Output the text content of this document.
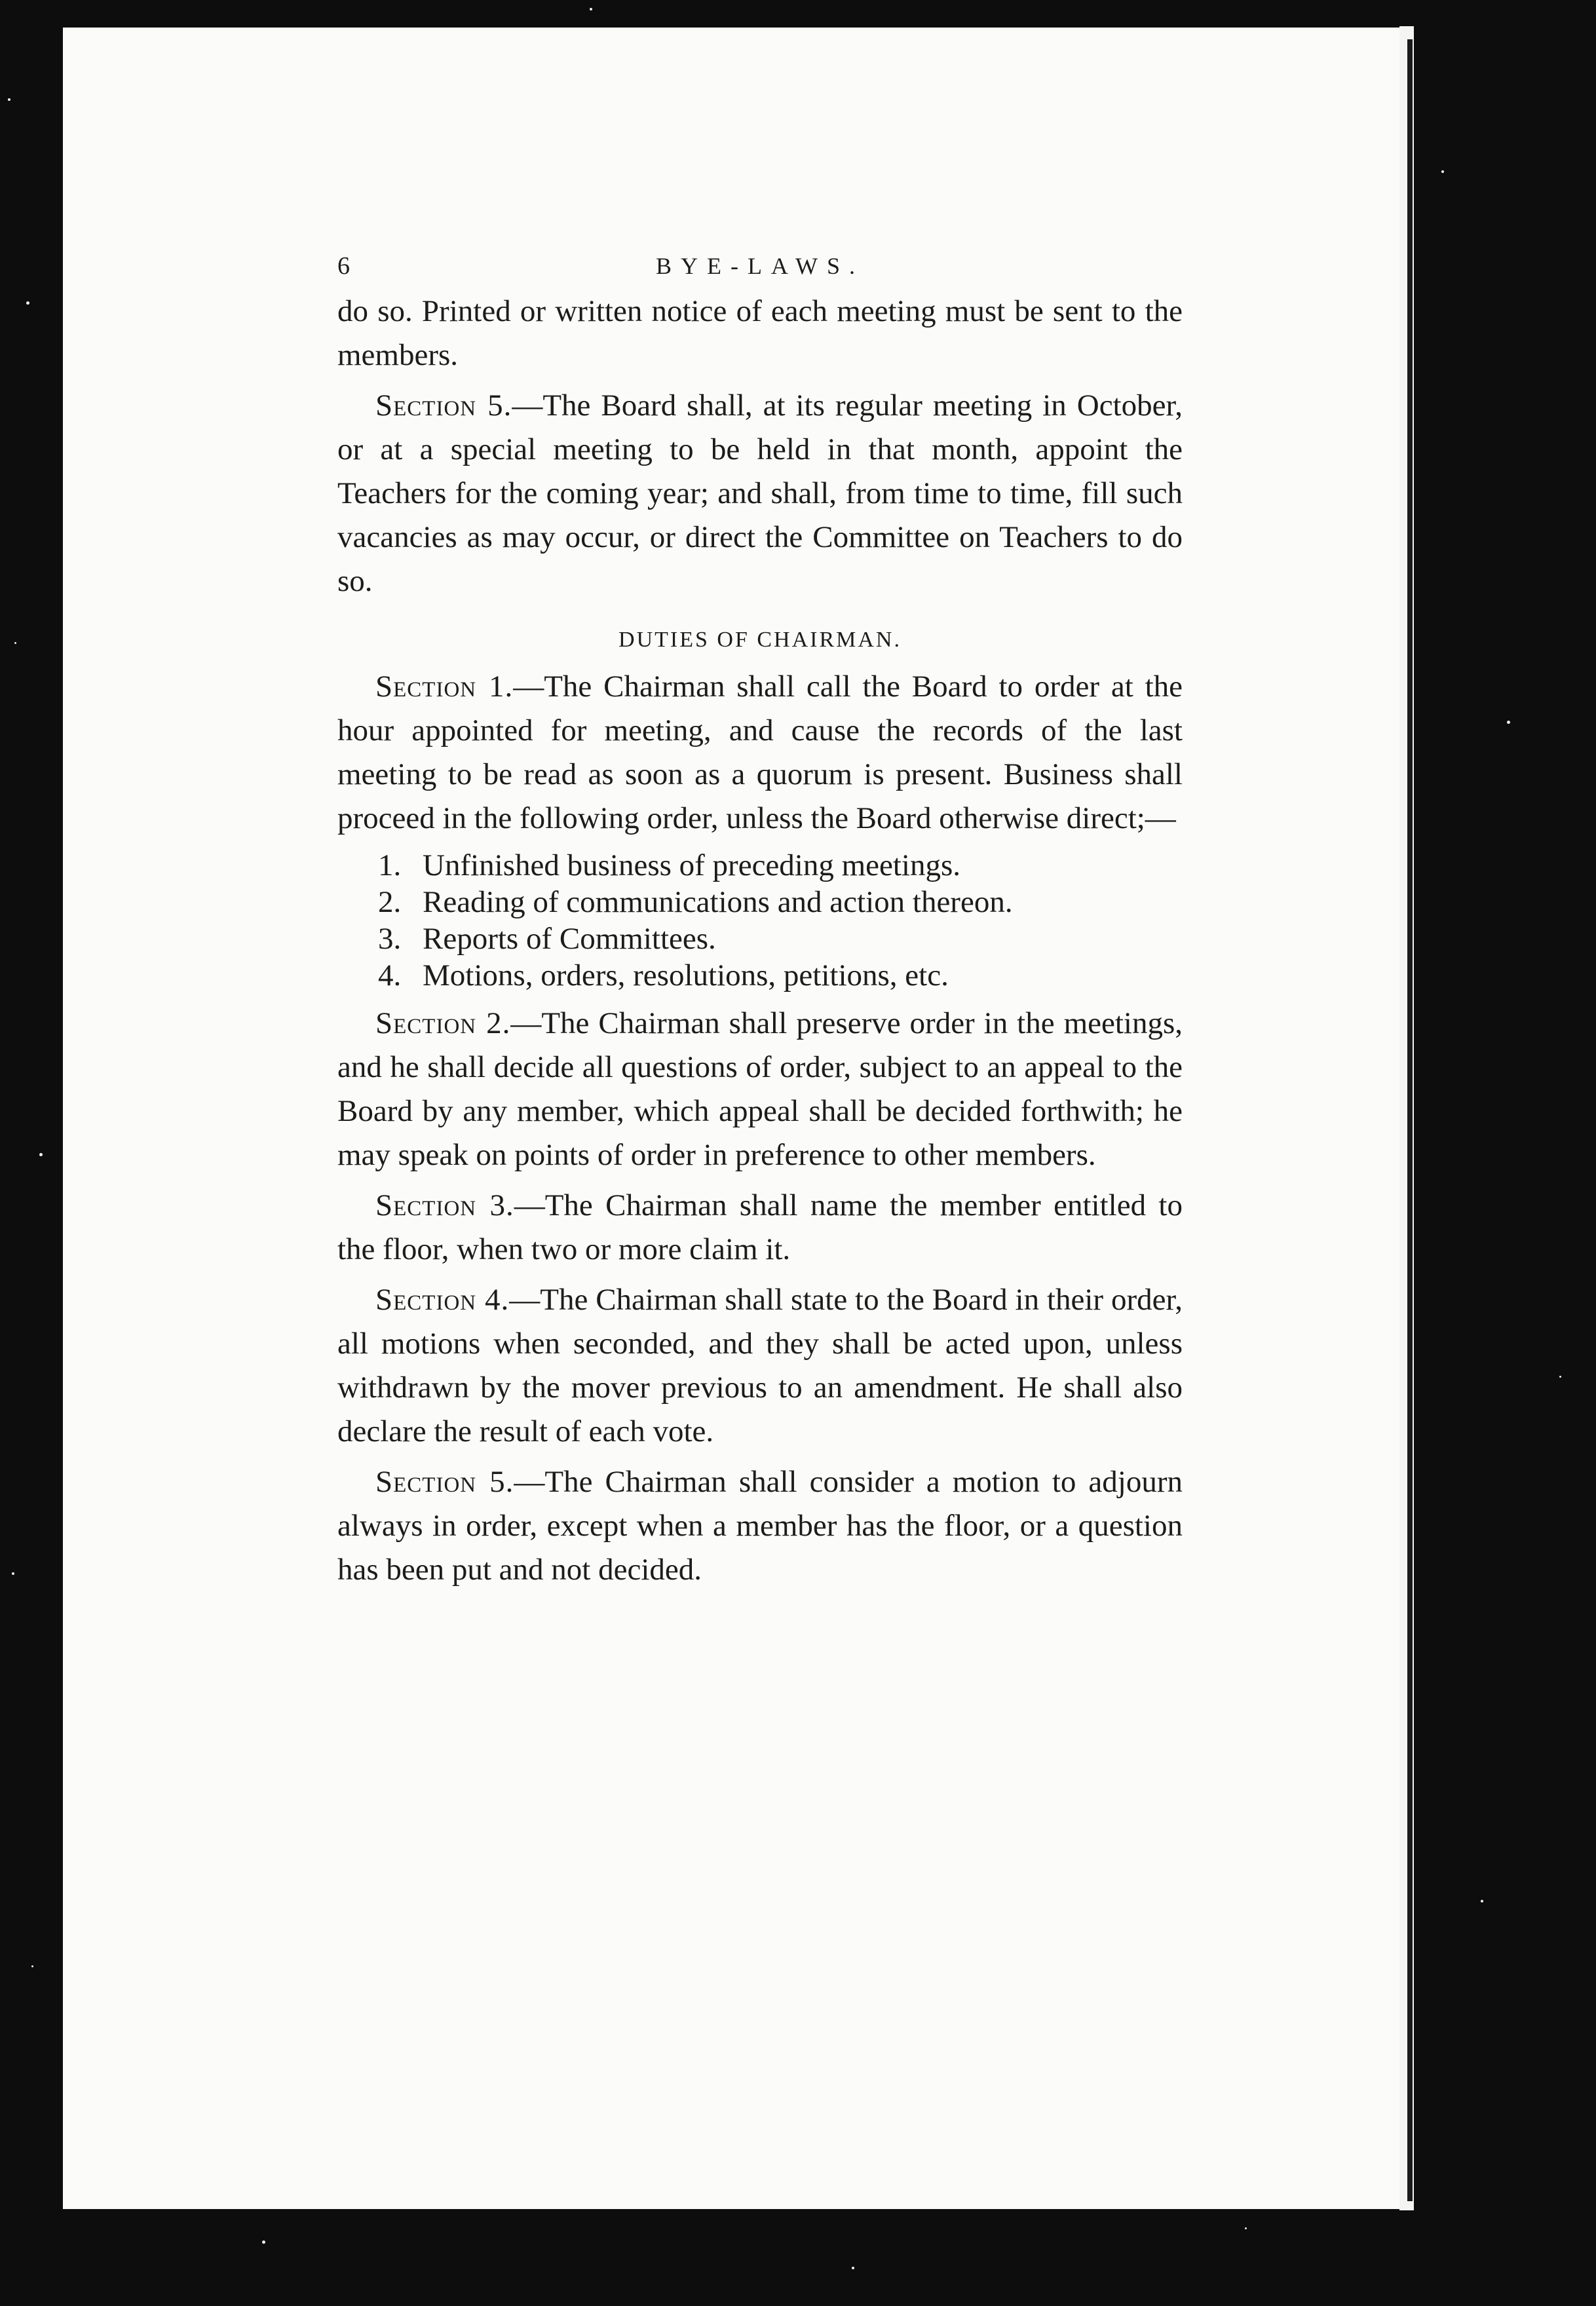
6	BYE-LAWS.

do so. Printed or written notice of each meeting must be sent to the members.

Section 5.—The Board shall, at its regular meeting in October, or at a special meeting to be held in that month, appoint the Teachers for the coming year; and shall, from time to time, fill such vacancies as may occur, or direct the Committee on Teachers to do so.

DUTIES OF CHAIRMAN.

Section 1.—The Chairman shall call the Board to order at the hour appointed for meeting, and cause the records of the last meeting to be read as soon as a quorum is present. Business shall proceed in the following order, unless the Board otherwise direct;—

1. Unfinished business of preceding meetings.
2. Reading of communications and action thereon.
3. Reports of Committees.
4. Motions, orders, resolutions, petitions, etc.

Section 2.—The Chairman shall preserve order in the meetings, and he shall decide all questions of order, subject to an appeal to the Board by any member, which appeal shall be decided forthwith; he may speak on points of order in preference to other members.

Section 3.—The Chairman shall name the member entitled to the floor, when two or more claim it.

Section 4.—The Chairman shall state to the Board in their order, all motions when seconded, and they shall be acted upon, unless withdrawn by the mover previous to an amendment. He shall also declare the result of each vote.

Section 5.—The Chairman shall consider a motion to adjourn always in order, except when a member has the floor, or a question has been put and not decided.
